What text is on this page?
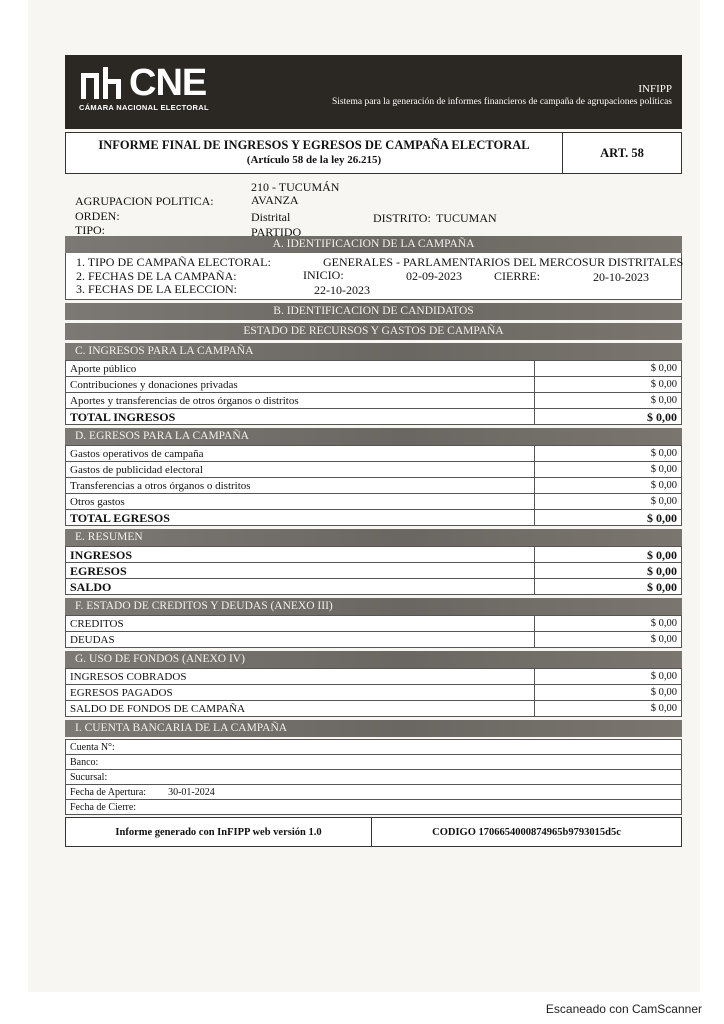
CNE
CÁMARA NACIONAL ELECTORAL
INFIPP
Sistema para la generación de informes financieros de campaña de agrupaciones políticas
INFORME FINAL DE INGRESOS Y EGRESOS DE CAMPAÑA ELECTORAL
(Artículo 58 de la ley 26.215)
ART. 58
AGRUPACION POLITICA:
210 - TUCUMÁN
AVANZA
ORDEN:	Distrital	DISTRITO: TUCUMAN
TIPO:	PARTIDO
A. IDENTIFICACION DE LA CAMPAÑA
1. TIPO DE CAMPAÑA ELECTORAL:	GENERALES - PARLAMENTARIOS DEL MERCOSUR DISTRITALES
2. FECHAS DE LA CAMPAÑA:	INICIO:	02-09-2023	CIERRE:	20-10-2023
3. FECHAS DE LA ELECCION:	22-10-2023
B. IDENTIFICACION DE CANDIDATOS
ESTADO DE RECURSOS Y GASTOS DE CAMPAÑA
C. INGRESOS PARA LA CAMPAÑA
Aporte público	$ 0,00
Contribuciones y donaciones privadas	$ 0,00
Aportes y transferencias de otros órganos o distritos	$ 0,00
TOTAL INGRESOS	$ 0,00
D. EGRESOS PARA LA CAMPAÑA
Gastos operativos de campaña	$ 0,00
Gastos de publicidad electoral	$ 0,00
Transferencias a otros órganos o distritos	$ 0,00
Otros gastos	$ 0,00
TOTAL EGRESOS	$ 0,00
E. RESUMEN
INGRESOS	$ 0,00
EGRESOS	$ 0,00
SALDO	$ 0,00
F. ESTADO DE CREDITOS Y DEUDAS (ANEXO III)
CREDITOS	$ 0,00
DEUDAS	$ 0,00
G. USO DE FONDOS (ANEXO IV)
INGRESOS COBRADOS	$ 0,00
EGRESOS PAGADOS	$ 0,00
SALDO DE FONDOS DE CAMPAÑA	$ 0,00
I. CUENTA BANCARIA DE LA CAMPAÑA
Cuenta N°:
Banco:
Sucursal:
Fecha de Apertura: 30-01-2024
Fecha de Cierre:
Informe generado con InFIPP web versión 1.0	CODIGO 1706654000874965b9793015d5c
Escaneado con CamScanner
